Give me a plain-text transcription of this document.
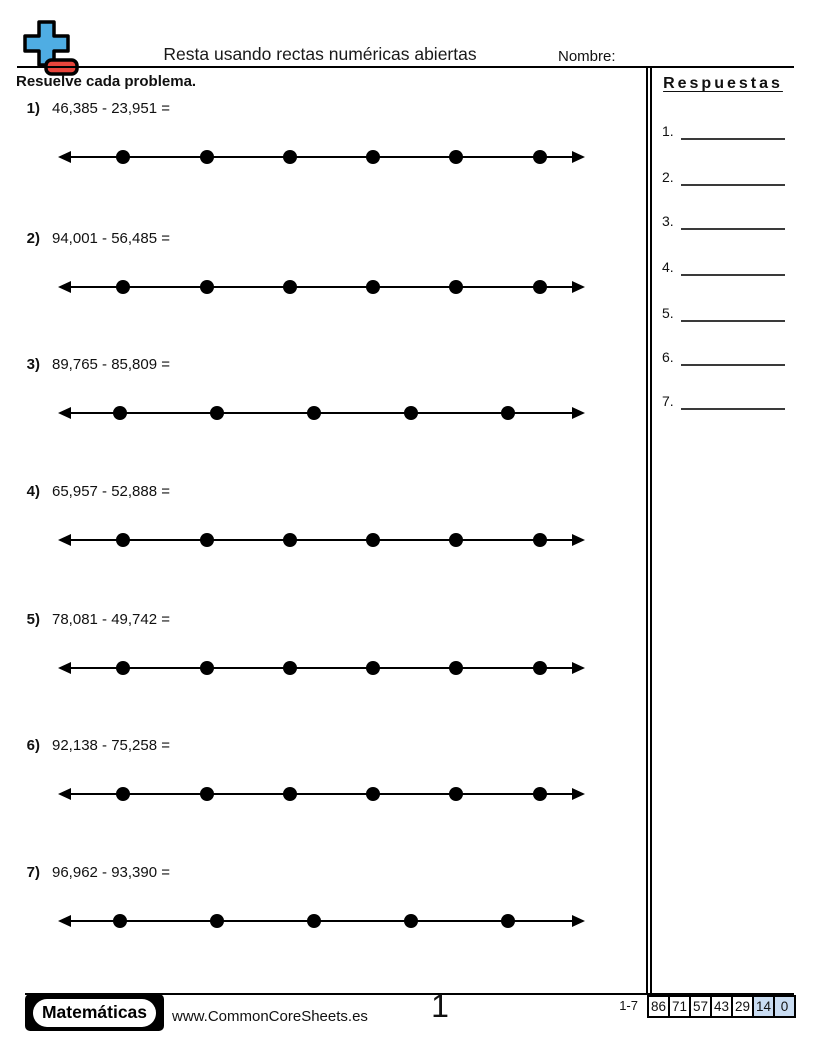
Resta usando rectas numéricas abiertas	Nombre:
Resuelve cada problema.
1) 46,385 - 23,951 =
2) 94,001 - 56,485 =
3) 89,765 - 85,809 =
4) 65,957 - 52,888 =
5) 78,081 - 49,742 =
6) 92,138 - 75,258 =
7) 96,962 - 93,390 =
Respuestas
1.
2.
3.
4.
5.
6.
7.
Matemáticas	www.CommonCoreSheets.es	1	1-7 86 71 57 43 29 14 0
